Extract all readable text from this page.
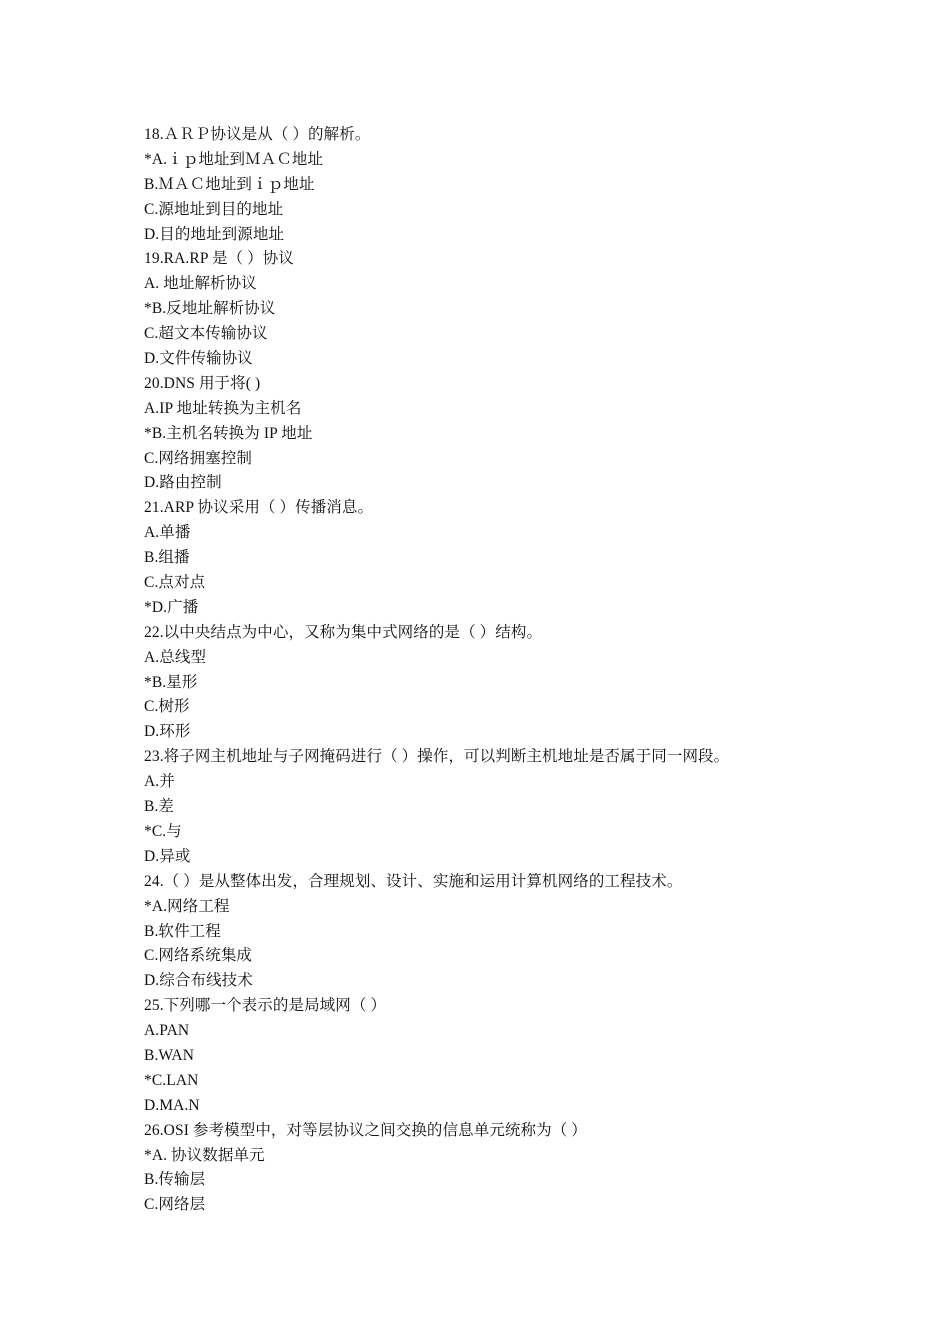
18.ＡＲＰ协议是从（ ）的解析。
*A.ｉｐ地址到ＭＡＣ地址
B.ＭＡＣ地址到ｉｐ地址
C.源地址到目的地址
D.目的地址到源地址
19.RA.RP 是（ ）协议
A. 地址解析协议
*B.反地址解析协议
C.超文本传输协议
D.文件传输协议
20.DNS 用于将( )
A.IP 地址转换为主机名
*B.主机名转换为 IP 地址
C.网络拥塞控制
D.路由控制
21.ARP 协议采用（ ）传播消息。
A.单播
B.组播
C.点对点
*D.广播
22.以中央结点为中心，又称为集中式网络的是（ ）结构。
A.总线型
*B.星形
C.树形
D.环形
23.将子网主机地址与子网掩码进行（ ）操作，可以判断主机地址是否属于同一网段。
A.并
B.差
*C.与
D.异或
24.（ ）是从整体出发，合理规划、设计、实施和运用计算机网络的工程技术。
*A.网络工程
B.软件工程
C.网络系统集成
D.综合布线技术
25.下列哪一个表示的是局域网（ ）
A.PAN
B.WAN
*C.LAN
D.MA.N
26.OSI 参考模型中，对等层协议之间交换的信息单元统称为（ ）
*A. 协议数据单元
B.传输层
C.网络层
